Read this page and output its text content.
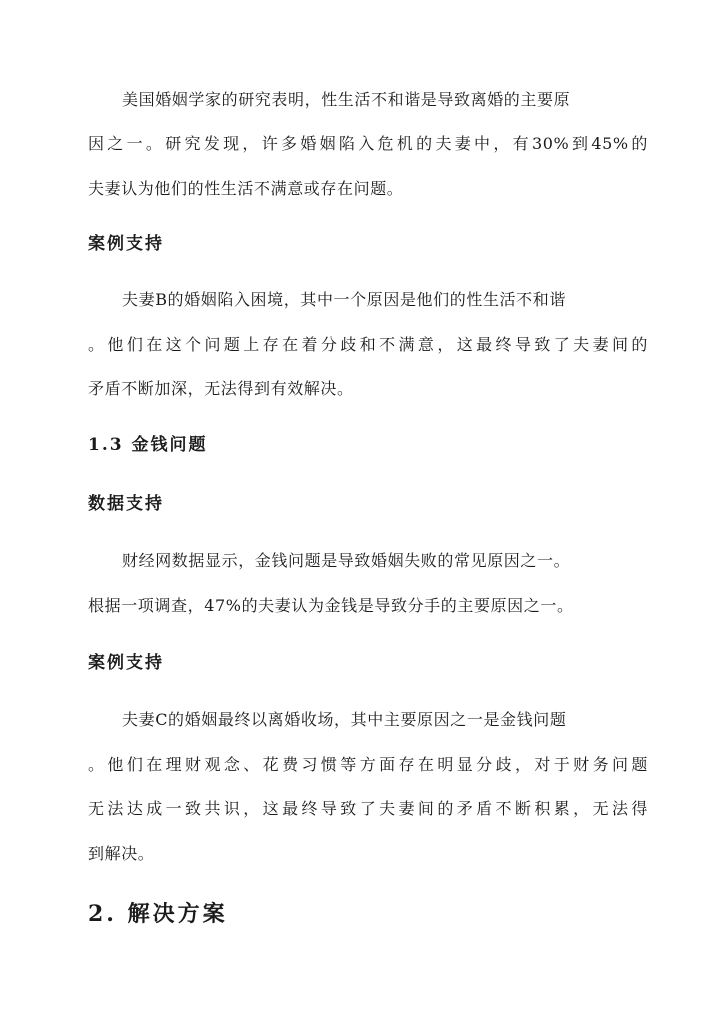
美国婚姻学家的研究表明，性生活不和谐是导致离婚的主要原
因之一。研究发现，许多婚姻陷入危机的夫妻中，有30%到45%的
夫妻认为他们的性生活不满意或存在问题。
案例支持
夫妻B的婚姻陷入困境，其中一个原因是他们的性生活不和谐
。他们在这个问题上存在着分歧和不满意，这最终导致了夫妻间的
矛盾不断加深，无法得到有效解决。
1.3 金钱问题
数据支持
财经网数据显示，金钱问题是导致婚姻失败的常见原因之一。
根据一项调查，47%的夫妻认为金钱是导致分手的主要原因之一。
案例支持
夫妻C的婚姻最终以离婚收场，其中主要原因之一是金钱问题
。他们在理财观念、花费习惯等方面存在明显分歧，对于财务问题
无法达成一致共识，这最终导致了夫妻间的矛盾不断积累，无法得
到解决。
2. 解决方案
